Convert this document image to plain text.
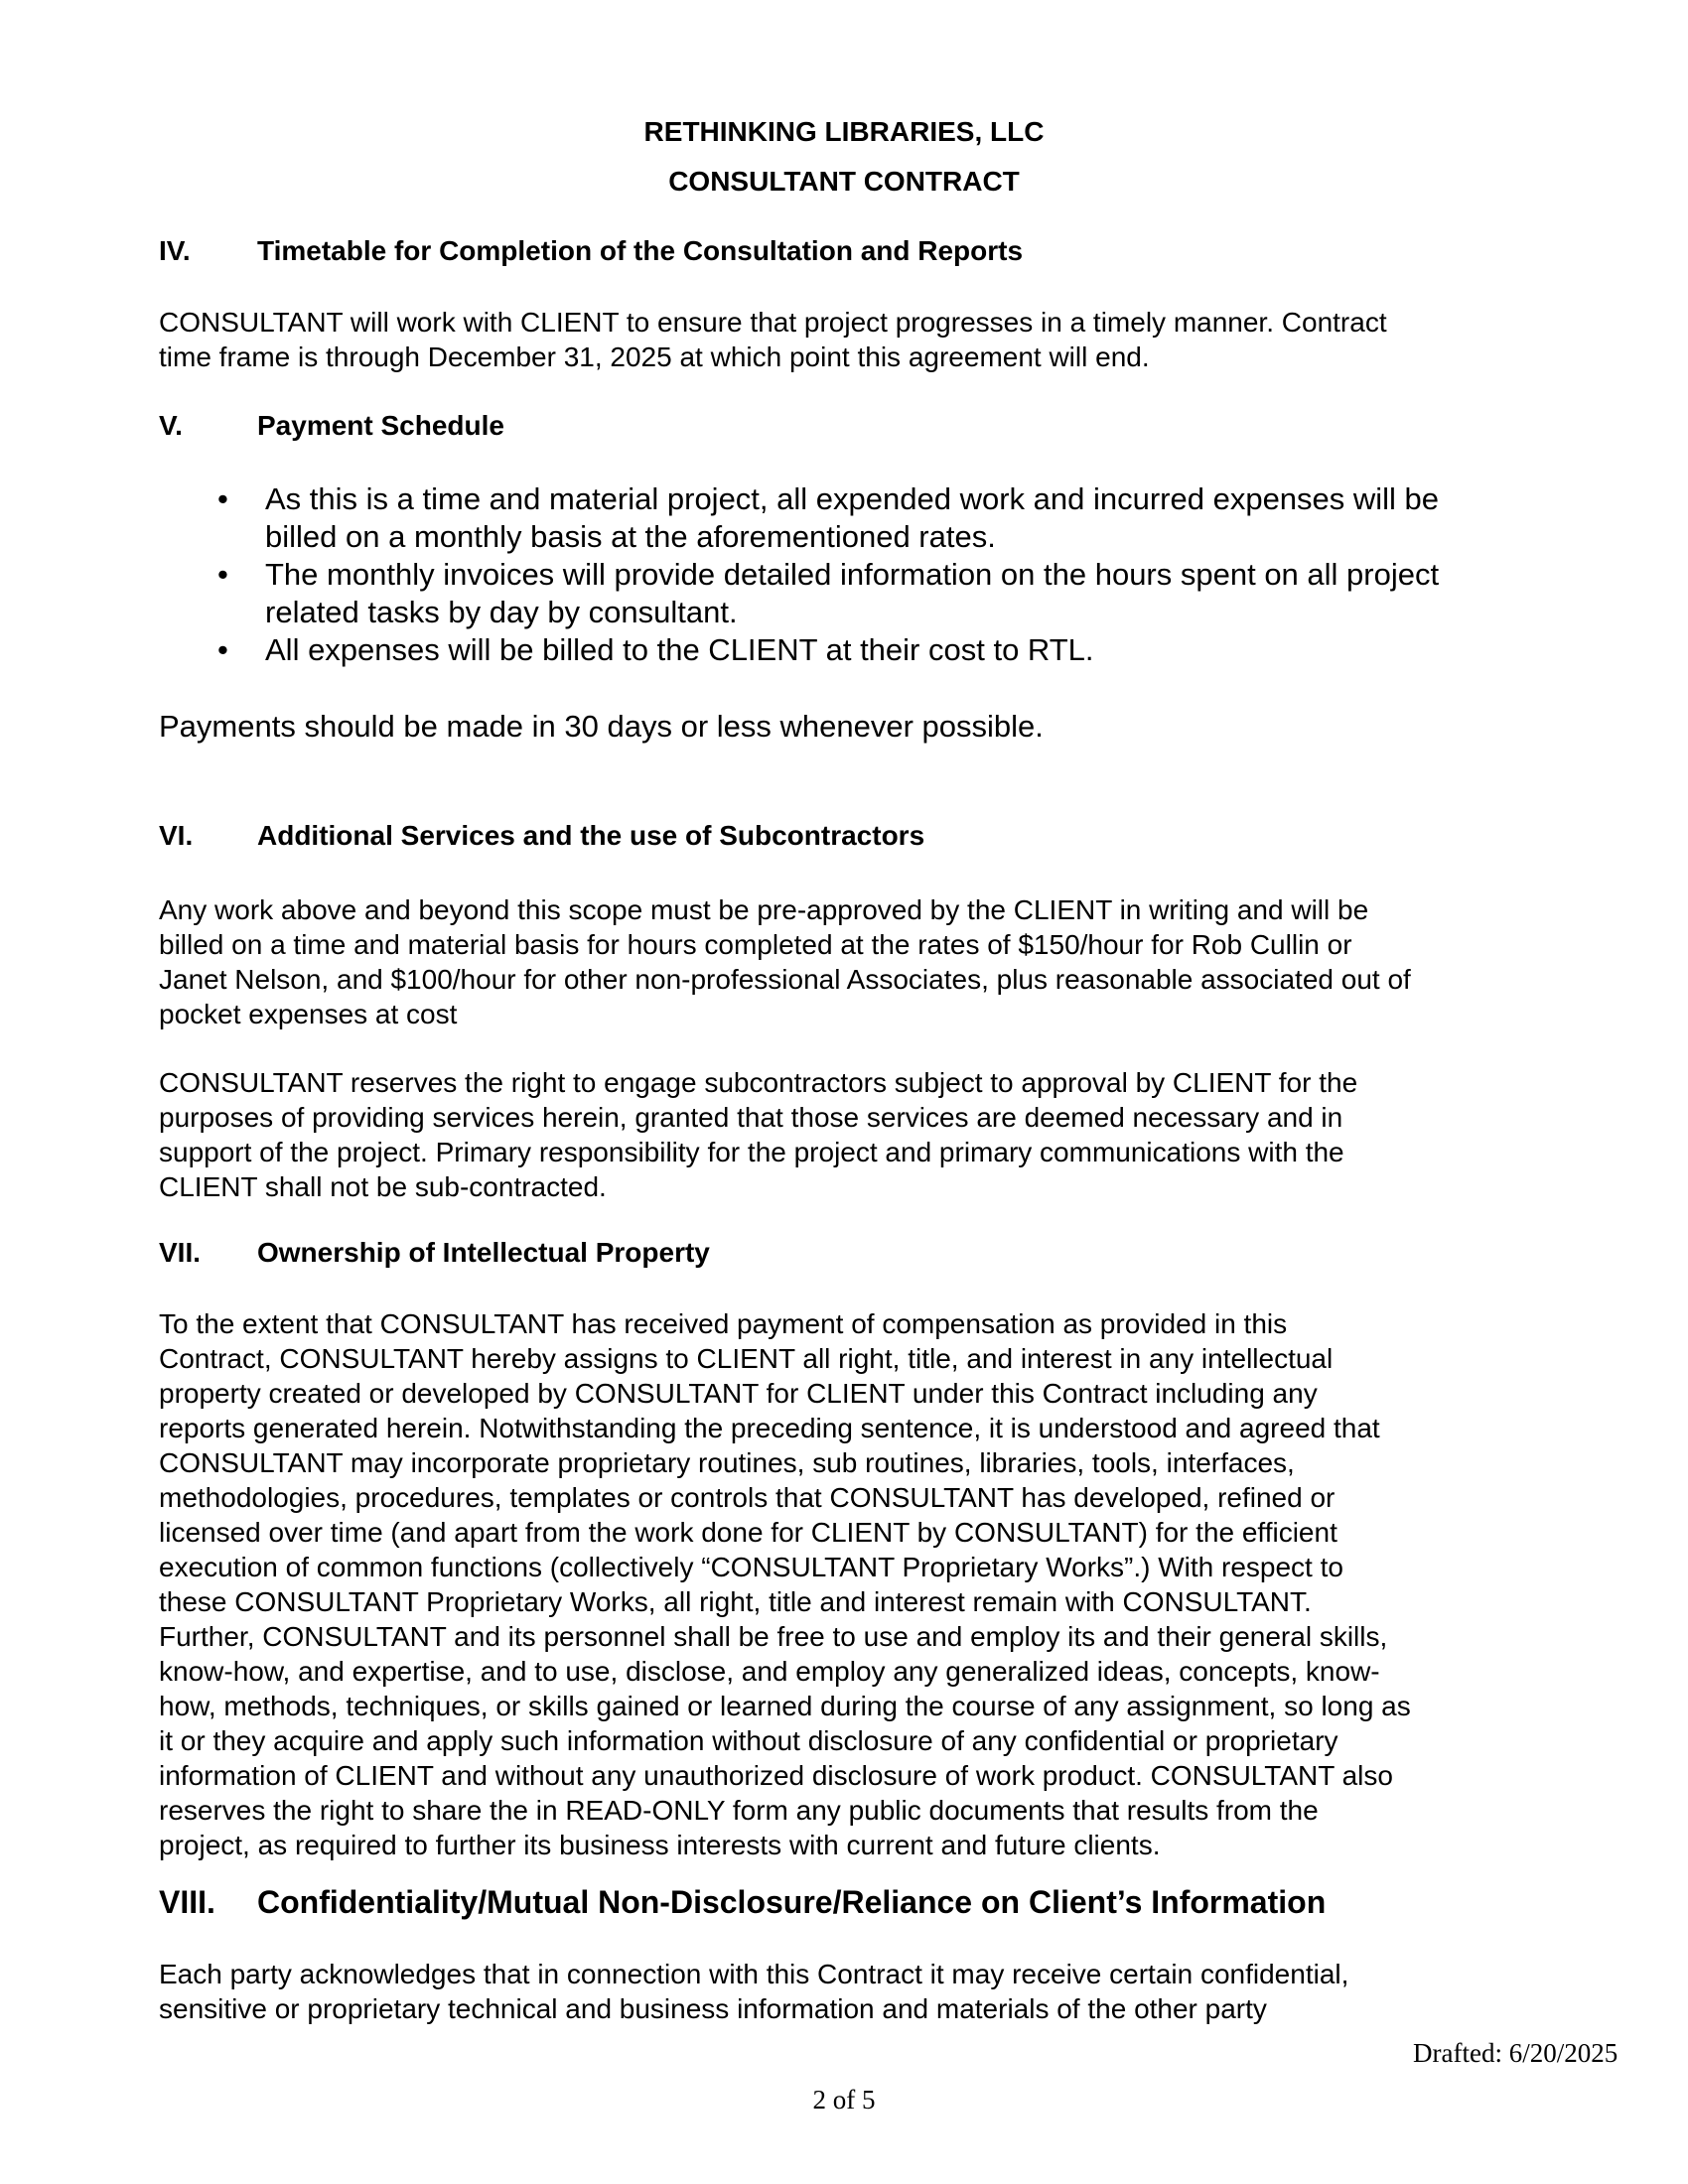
RETHINKING LIBRARIES, LLC
CONSULTANT CONTRACT
IV. Timetable for Completion of the Consultation and Reports

CONSULTANT will work with CLIENT to ensure that project progresses in a timely manner. Contract
time frame is through December 31, 2025 at which point this agreement will end.

V.	Payment Schedule
• As this is a time and material project, all expended work and incurred expenses will be
billed on a monthly basis at the aforementioned rates.
• The monthly invoices will provide detailed information on the hours spent on all project
related tasks by day by consultant.
• All expenses will be billed to the CLIENT at their cost to RTL.

Payments should be made in 30 days or less whenever possible.

VI. Additional Services and the use of Subcontractors

Any work above and beyond this scope must be pre-approved by the CLIENT in writing and will be
billed on a time and material basis for hours completed at the rates of $150/hour for Rob Cullin or
Janet Nelson, and $100/hour for other non-professional Associates, plus reasonable associated out of
pocket expenses at cost

CONSULTANT reserves the right to engage subcontractors subject to approval by CLIENT for the
purposes of providing services herein, granted that those services are deemed necessary and in
support of the project. Primary responsibility for the project and primary communications with the
CLIENT shall not be sub-contracted.

VII. Ownership of Intellectual Property

To the extent that CONSULTANT has received payment of compensation as provided in this
Contract, CONSULTANT hereby assigns to CLIENT all right, title, and interest in any intellectual
property created or developed by CONSULTANT for CLIENT under this Contract including any
reports generated herein. Notwithstanding the preceding sentence, it is understood and agreed that
CONSULTANT may incorporate proprietary routines, sub routines, libraries, tools, interfaces,
methodologies, procedures, templates or controls that CONSULTANT has developed, refined or
licensed over time (and apart from the work done for CLIENT by CONSULTANT) for the efficient
execution of common functions (collectively “CONSULTANT Proprietary Works”.) With respect to
these CONSULTANT Proprietary Works, all right, title and interest remain with CONSULTANT.
Further, CONSULTANT and its personnel shall be free to use and employ its and their general skills,
know-how, and expertise, and to use, disclose, and employ any generalized ideas, concepts, know-
how, methods, techniques, or skills gained or learned during the course of any assignment, so long as
it or they acquire and apply such information without disclosure of any confidential or proprietary
information of CLIENT and without any unauthorized disclosure of work product. CONSULTANT also
reserves the right to share the in READ-ONLY form any public documents that results from the
project, as required to further its business interests with current and future clients.

VIII. Confidentiality/Mutual Non-Disclosure/Reliance on Client’s Information

Each party acknowledges that in connection with this Contract it may receive certain confidential,
sensitive or proprietary technical and business information and materials of the other party

Drafted: 6/20/2025
2 of 5
